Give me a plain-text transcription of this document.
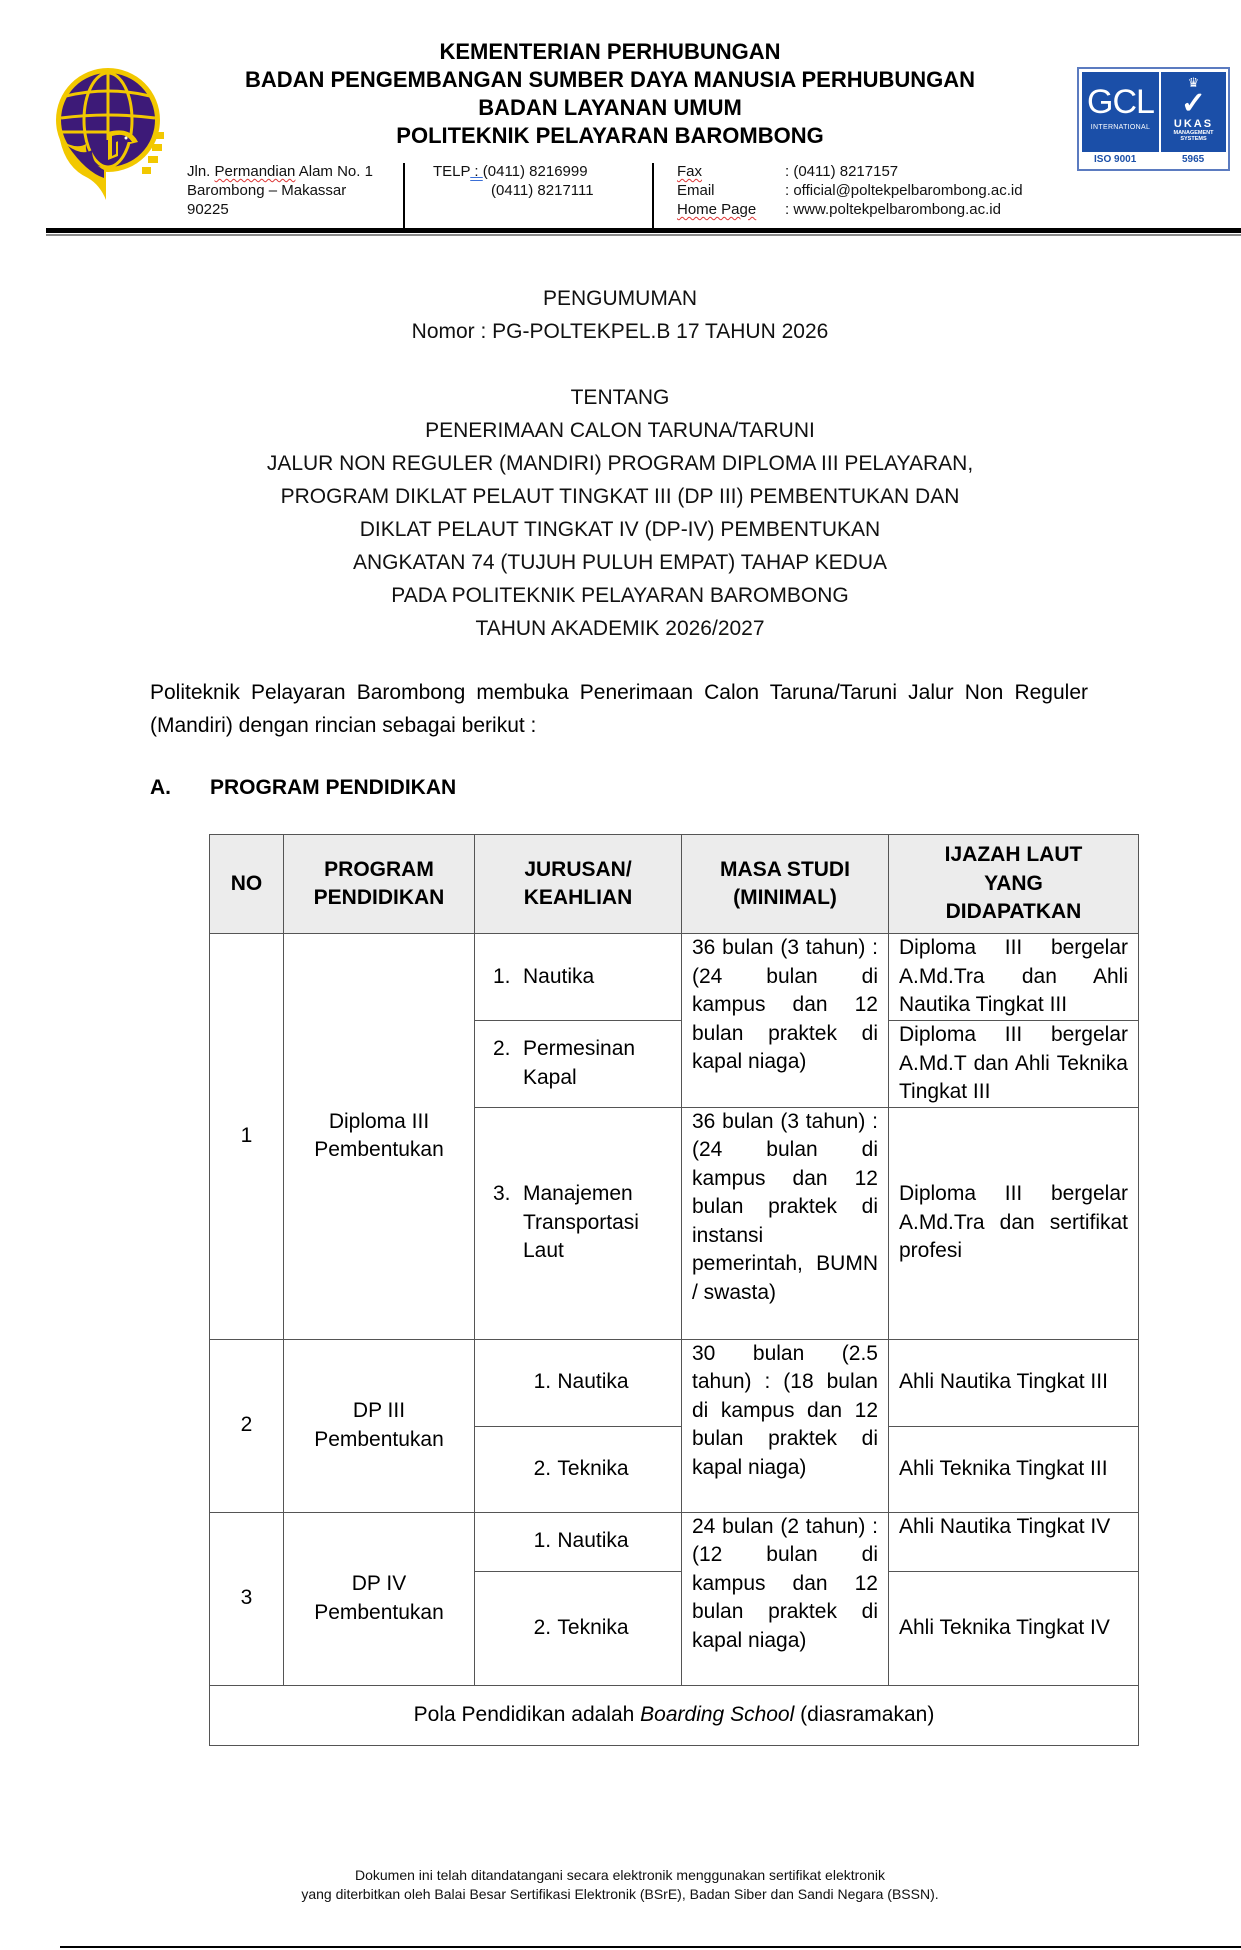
KEMENTERIAN PERHUBUNGAN
BADAN PENGEMBANGAN SUMBER DAYA MANUSIA PERHUBUNGAN
BADAN LAYANAN UMUM
POLITEKNIK PELAYARAN BAROMBONG
Jln. Permandian Alam No. 1
Barombong – Makassar
90225
TELP : (0411) 8216999
(0411) 8217111
Fax	: (0411) 8217157
Email	: official@poltekpelbarombong.ac.id
Home Page : www.poltekpelbarombong.ac.id
GCL
INTERNATIONAL
♛
✓
UKAS
MANAGEMENT
SYSTEMS
ISO 9001	5965
PENGUMUMAN
Nomor : PG-POLTEKPEL.B 17 TAHUN 2026
TENTANG
PENERIMAAN CALON TARUNA/TARUNI
JALUR NON REGULER (MANDIRI) PROGRAM DIPLOMA III PELAYARAN,
PROGRAM DIKLAT PELAUT TINGKAT III (DP III) PEMBENTUKAN DAN
DIKLAT PELAUT TINGKAT IV (DP-IV) PEMBENTUKAN
ANGKATAN 74 (TUJUH PULUH EMPAT) TAHAP KEDUA
PADA POLITEKNIK PELAYARAN BAROMBONG
TAHUN AKADEMIK 2026/2027

Politeknik Pelayaran Barombong membuka Penerimaan Calon Taruna/Taruni Jalur Non Reguler (Mandiri) dengan rincian sebagai berikut :

A. PROGRAM PENDIDIKAN
NO	
PROGRAM
PENDIDIKAN

JURUSAN/
KEAHLIAN

MASA STUDI
(MINIMAL)

IJAZAH LAUT
YANG
DIDAPATKAN

1	Diploma III
Pembentukan	1. Nautika	36 bulan (3 tahun) : (24 bulan di kampus dan 12 bulan praktek di kapal niaga)	Diploma III bergelar A.Md.Tra dan Ahli Nautika Tingkat III
		2. Permesinan Kapal		Diploma III bergelar A.Md.T dan Ahli Teknika Tingkat III
		3. Manajemen Transportasi Laut	36 bulan (3 tahun) : (24 bulan di kampus dan 12 bulan praktek di instansi pemerintah, BUMN / swasta)	Diploma III bergelar A.Md.Tra dan sertifikat profesi
2	DP III
Pembentukan	1. Nautika	30 bulan (2.5 tahun) : (18 bulan di kampus dan 12 bulan praktek di kapal niaga)	Ahli Nautika Tingkat III
		2. Teknika		Ahli Teknika Tingkat III
3	DP IV
Pembentukan	1. Nautika	24 bulan (2 tahun) : (12 bulan di kampus dan 12 bulan praktek di kapal niaga)	Ahli Nautika Tingkat IV
		2. Teknika		Ahli Teknika Tingkat IV
Pola Pendidikan adalah Boarding School (diasramakan)				
Dokumen ini telah ditandatangani secara elektronik menggunakan sertifikat elektronik
yang diterbitkan oleh Balai Besar Sertifikasi Elektronik (BSrE), Badan Siber dan Sandi Negara (BSSN).
